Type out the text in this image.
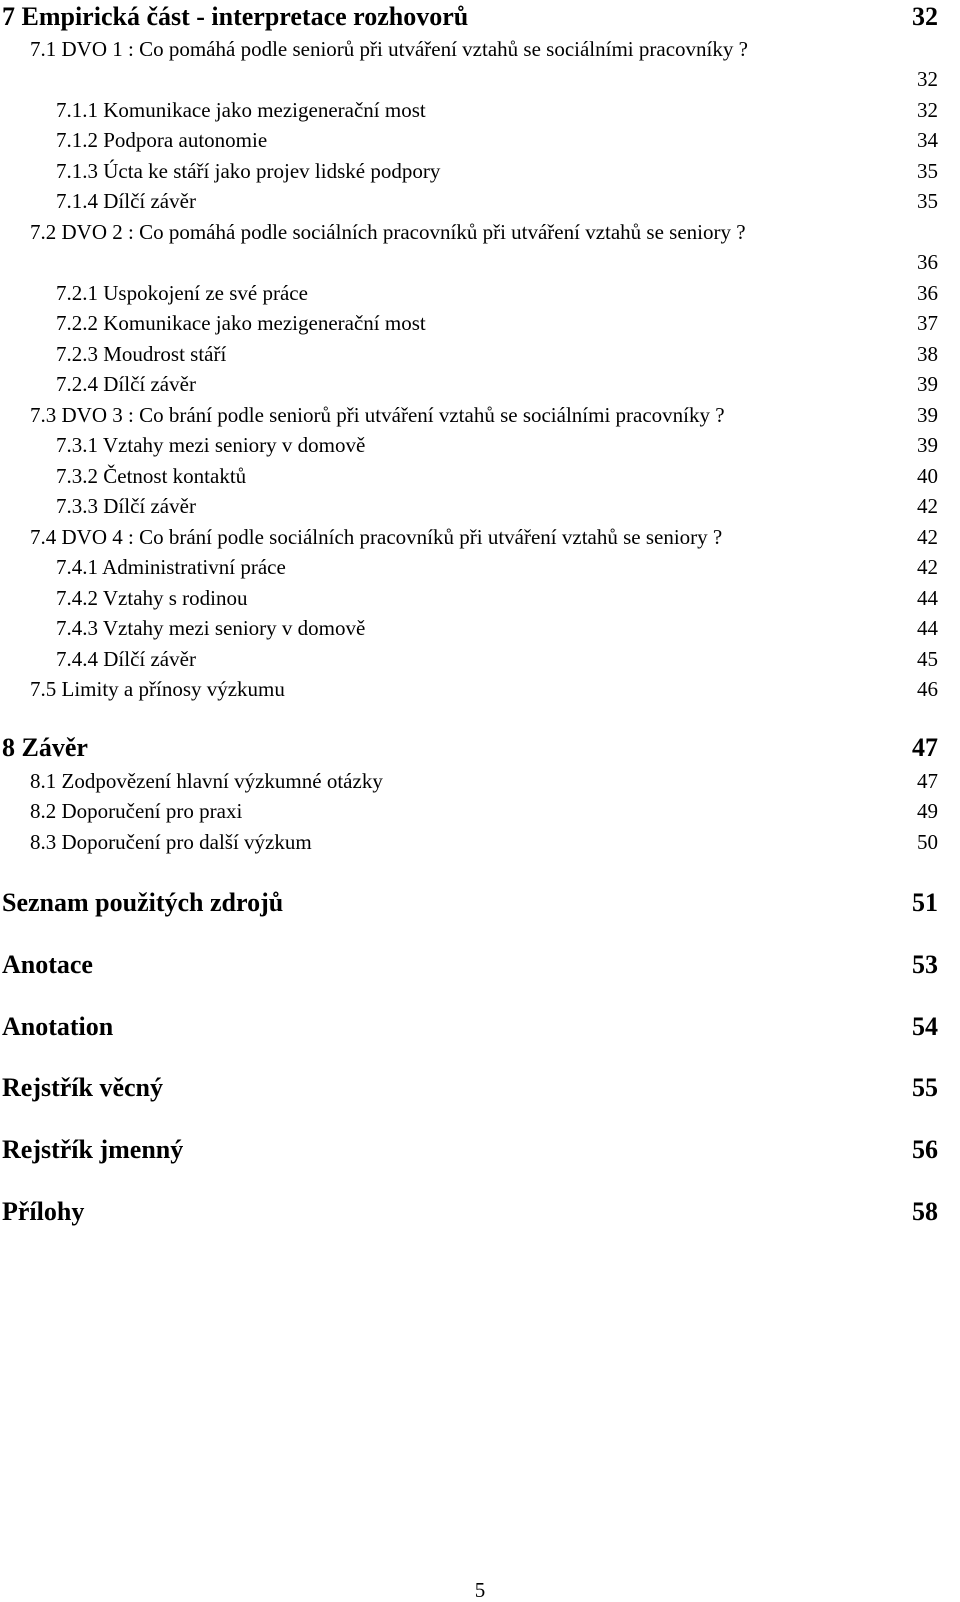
7 Empirická část - interpretace rozhovorů	32
7.1 DVO 1 : Co pomáhá podle seniorů při utváření vztahů se sociálními pracovníky ?
32
7.1.1 Komunikace jako mezigenerační most	32
7.1.2 Podpora autonomie	34
7.1.3 Úcta ke stáří jako projev lidské podpory	35
7.1.4 Dílčí závěr	35
7.2 DVO 2 : Co pomáhá podle sociálních pracovníků při utváření vztahů se seniory ?
36
7.2.1 Uspokojení ze své práce	36
7.2.2 Komunikace jako mezigenerační most	37
7.2.3 Moudrost stáří	38
7.2.4 Dílčí závěr	39
7.3 DVO 3 : Co brání podle seniorů při utváření vztahů se sociálními pracovníky ?	39
7.3.1 Vztahy mezi seniory v domově	39
7.3.2 Četnost kontaktů	40
7.3.3 Dílčí závěr	42
7.4 DVO 4 : Co brání podle sociálních pracovníků při utváření vztahů se seniory ?	42
7.4.1 Administrativní práce	42
7.4.2 Vztahy s rodinou	44
7.4.3 Vztahy mezi seniory v domově	44
7.4.4 Dílčí závěr	45
7.5 Limity a přínosy výzkumu	46
8 Závěr	47
8.1 Zodpovězení hlavní výzkumné otázky	47
8.2 Doporučení pro praxi	49
8.3 Doporučení pro další výzkum	50
Seznam použitých zdrojů	51
Anotace	53
Anotation	54
Rejstřík věcný	55
Rejstřík jmenný	56
Přílohy	58
5
